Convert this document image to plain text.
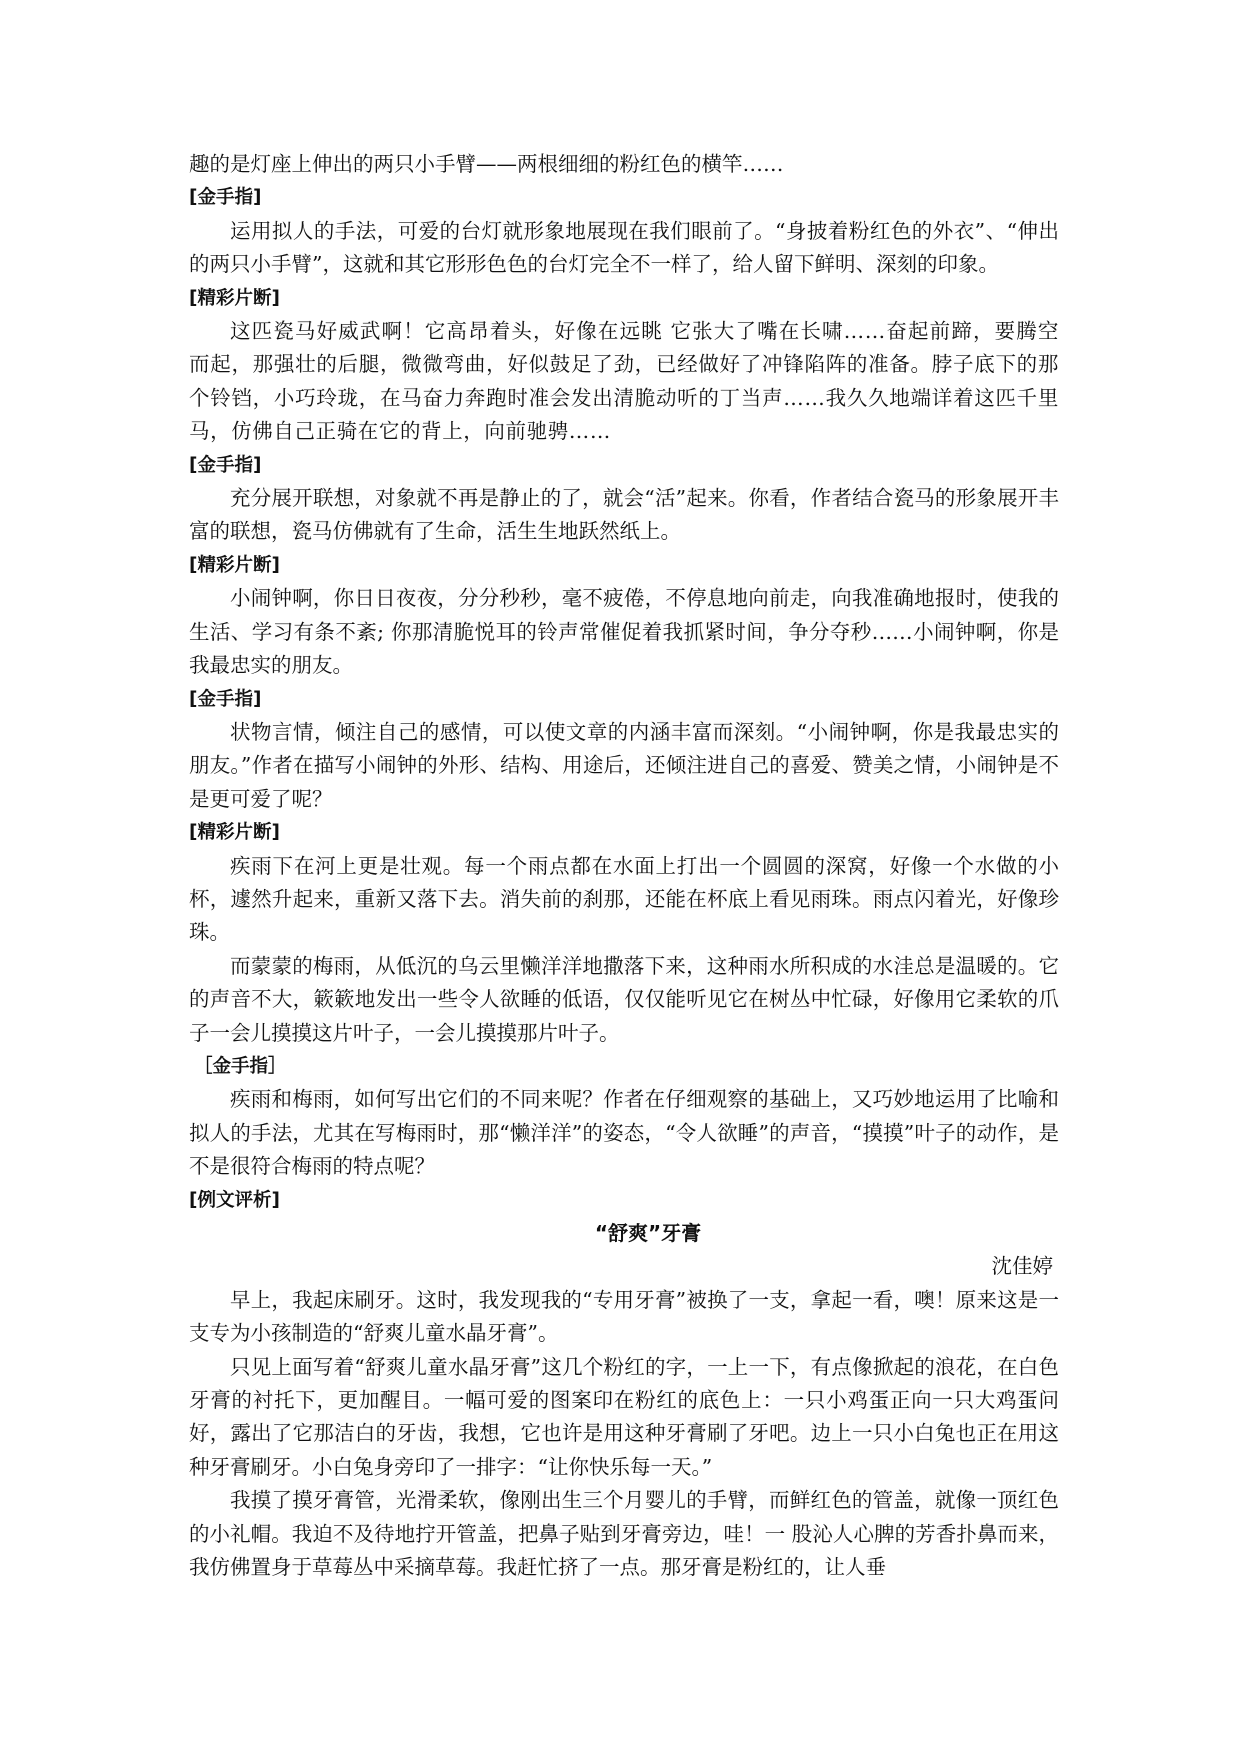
趣的是灯座上伸出的两只小手臂——两根细细的粉红色的横竿……

[金手指]

运用拟人的手法，可爱的台灯就形象地展现在我们眼前了。“身披着粉红色的外衣”、“伸出的两只小手臂”，这就和其它形形色色的台灯完全不一样了，给人留下鲜明、深刻的印象。

[精彩片断]

这匹瓷马好威武啊！它高昂着头，好像在远眺 它张大了嘴在长啸……奋起前蹄，要腾空而起，那强壮的后腿，微微弯曲，好似鼓足了劲，已经做好了冲锋陷阵的准备。脖子底下的那个铃铛，小巧玲珑，在马奋力奔跑时准会发出清脆动听的丁当声……我久久地端详着这匹千里马，仿佛自己正骑在它的背上，向前驰骋……

[金手指]

充分展开联想，对象就不再是静止的了，就会“活”起来。你看，作者结合瓷马的形象展开丰富的联想，瓷马仿佛就有了生命，活生生地跃然纸上。

[精彩片断]

小闹钟啊，你日日夜夜，分分秒秒，毫不疲倦，不停息地向前走，向我准确地报时，使我的生活、学习有条不紊; 你那清脆悦耳的铃声常催促着我抓紧时间，争分夺秒……小闹钟啊，你是我最忠实的朋友。

[金手指]

状物言情，倾注自己的感情，可以使文章的内涵丰富而深刻。“小闹钟啊，你是我最忠实的朋友。”作者在描写小闹钟的外形、结构、用途后，还倾注进自己的喜爱、赞美之情，小闹钟是不是更可爱了呢？

[精彩片断]

疾雨下在河上更是壮观。每一个雨点都在水面上打出一个圆圆的深窝，好像一个水做的小杯，遽然升起来，重新又落下去。消失前的刹那，还能在杯底上看见雨珠。雨点闪着光，好像珍珠。

而蒙蒙的梅雨，从低沉的乌云里懒洋洋地撒落下来，这种雨水所积成的水洼总是温暖的。它的声音不大，簌簌地发出一些令人欲睡的低语，仅仅能听见它在树丛中忙碌，好像用它柔软的爪子一会儿摸摸这片叶子，一会儿摸摸那片叶子。

［金手指］

疾雨和梅雨，如何写出它们的不同来呢？作者在仔细观察的基础上，又巧妙地运用了比喻和拟人的手法，尤其在写梅雨时，那“懒洋洋”的姿态，“令人欲睡”的声音，“摸摸”叶子的动作，是不是很符合梅雨的特点呢？

[例文评析]

“舒爽”牙膏

沈佳婷

早上，我起床刷牙。这时，我发现我的“专用牙膏”被换了一支，拿起一看，噢！原来这是一支专为小孩制造的“舒爽儿童水晶牙膏”。

只见上面写着“舒爽儿童水晶牙膏”这几个粉红的字，一上一下，有点像掀起的浪花，在白色牙膏的衬托下，更加醒目。一幅可爱的图案印在粉红的底色上：一只小鸡蛋正向一只大鸡蛋问好，露出了它那洁白的牙齿，我想，它也许是用这种牙膏刷了牙吧。边上一只小白兔也正在用这种牙膏刷牙。小白兔身旁印了一排字：“让你快乐每一天。”

我摸了摸牙膏管，光滑柔软，像刚出生三个月婴儿的手臂，而鲜红色的管盖，就像一顶红色的小礼帽。我迫不及待地拧开管盖，把鼻子贴到牙膏旁边，哇！一 股沁人心脾的芳香扑鼻而来，我仿佛置身于草莓丛中采摘草莓。我赶忙挤了一点。那牙膏是粉红的，让人垂
